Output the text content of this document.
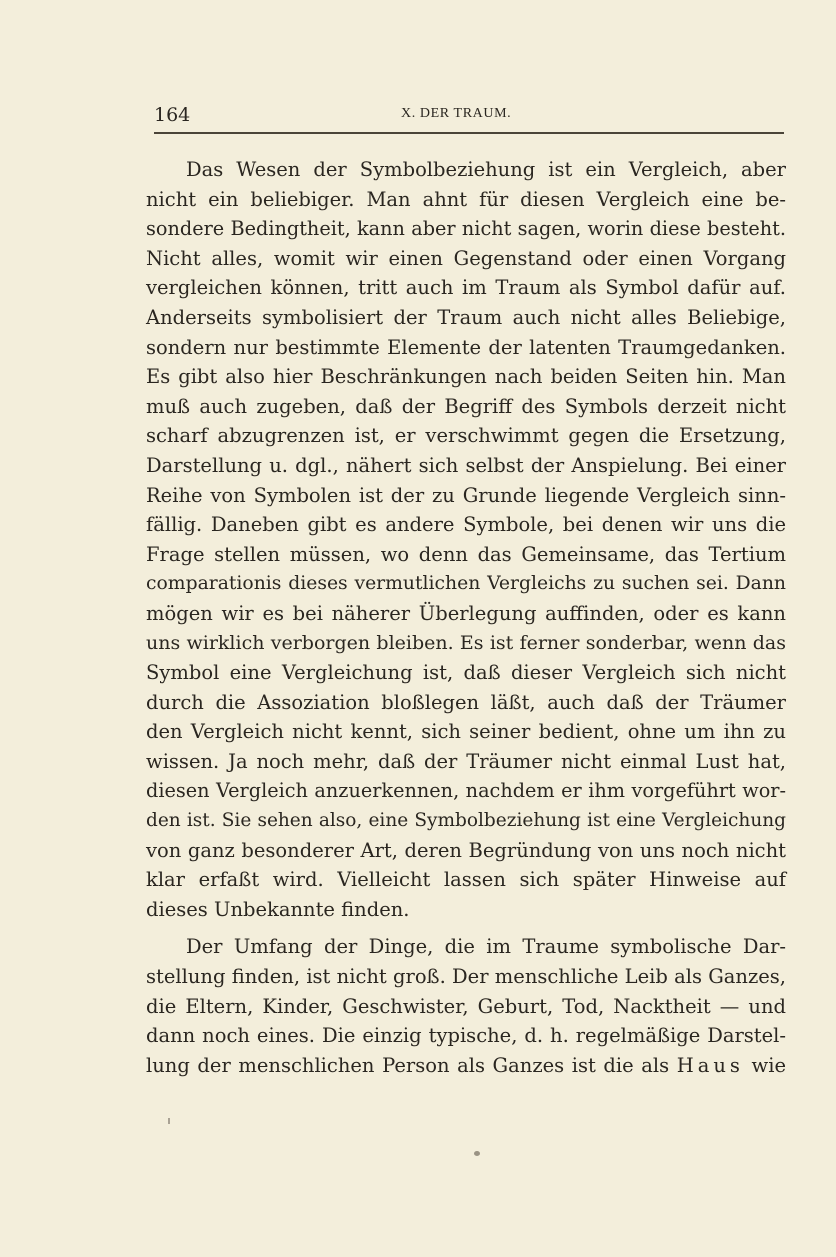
164	X. DER TRAUM.
Das Wesen der Symbolbeziehung ist ein Vergleich, aber
nicht ein beliebiger. Man ahnt für diesen Vergleich eine be-
sondere Bedingtheit, kann aber nicht sagen, worin diese besteht.
Nicht alles, womit wir einen Gegenstand oder einen Vorgang
vergleichen können, tritt auch im Traum als Symbol dafür auf.
Anderseits symbolisiert der Traum auch nicht alles Beliebige,
sondern nur bestimmte Elemente der latenten Traumgedanken.
Es gibt also hier Beschränkungen nach beiden Seiten hin. Man
muß auch zugeben, daß der Begriff des Symbols derzeit nicht
scharf abzugrenzen ist, er verschwimmt gegen die Ersetzung,
Darstellung u. dgl., nähert sich selbst der Anspielung. Bei einer
Reihe von Symbolen ist der zu Grunde liegende Vergleich sinn-
fällig. Daneben gibt es andere Symbole, bei denen wir uns die
Frage stellen müssen, wo denn das Gemeinsame, das Tertium
comparationis dieses vermutlichen Vergleichs zu suchen sei. Dann
mögen wir es bei näherer Überlegung auffinden, oder es kann
uns wirklich verborgen bleiben. Es ist ferner sonderbar, wenn das
Symbol eine Vergleichung ist, daß dieser Vergleich sich nicht
durch die Assoziation bloßlegen läßt, auch daß der Träumer
den Vergleich nicht kennt, sich seiner bedient, ohne um ihn zu
wissen. Ja noch mehr, daß der Träumer nicht einmal Lust hat,
diesen Vergleich anzuerkennen, nachdem er ihm vorgeführt wor-
den ist. Sie sehen also, eine Symbolbeziehung ist eine Vergleichung
von ganz besonderer Art, deren Begründung von uns noch nicht
klar erfaßt wird. Vielleicht lassen sich später Hinweise auf
dieses Unbekannte finden.
Der Umfang der Dinge, die im Traume symbolische Dar-
stellung finden, ist nicht groß. Der menschliche Leib als Ganzes,
die Eltern, Kinder, Geschwister, Geburt, Tod, Nacktheit — und
dann noch eines. Die einzig typische, d. h. regelmäßige Darstel-
lung der menschlichen Person als Ganzes ist die als Haus wie
